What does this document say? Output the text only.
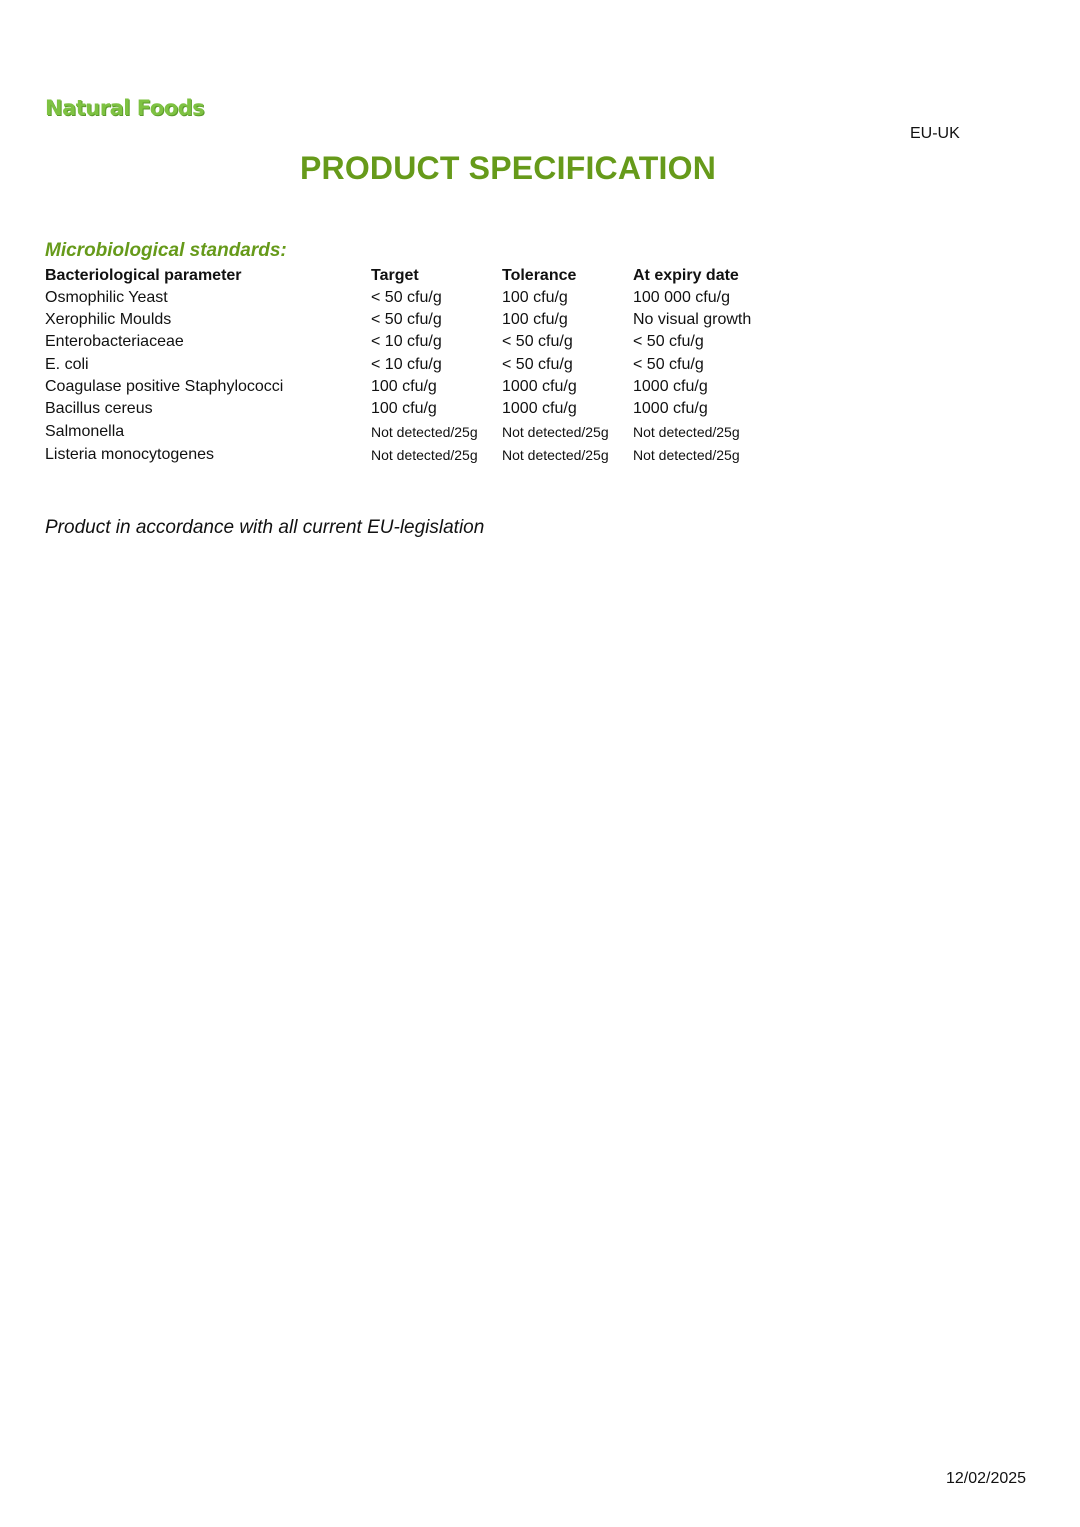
Natural Foods
EU-UK
PRODUCT SPECIFICATION
Microbiological standards:
Bacteriological parameter	Target	Tolerance	At expiry date
Osmophilic Yeast	< 50 cfu/g	100 cfu/g	100 000 cfu/g
Xerophilic Moulds	< 50 cfu/g	100 cfu/g	No visual growth
Enterobacteriaceae	< 10 cfu/g	< 50 cfu/g	< 50 cfu/g
E. coli	< 10 cfu/g	< 50 cfu/g	< 50 cfu/g
Coagulase positive Staphylococci	100 cfu/g	1000 cfu/g	1000 cfu/g
Bacillus cereus	100 cfu/g	1000 cfu/g	1000 cfu/g
Salmonella	Not detected/25g	Not detected/25g	Not detected/25g
Listeria monocytogenes	Not detected/25g	Not detected/25g	Not detected/25g
Product in accordance with all current EU-legislation
12/02/2025
